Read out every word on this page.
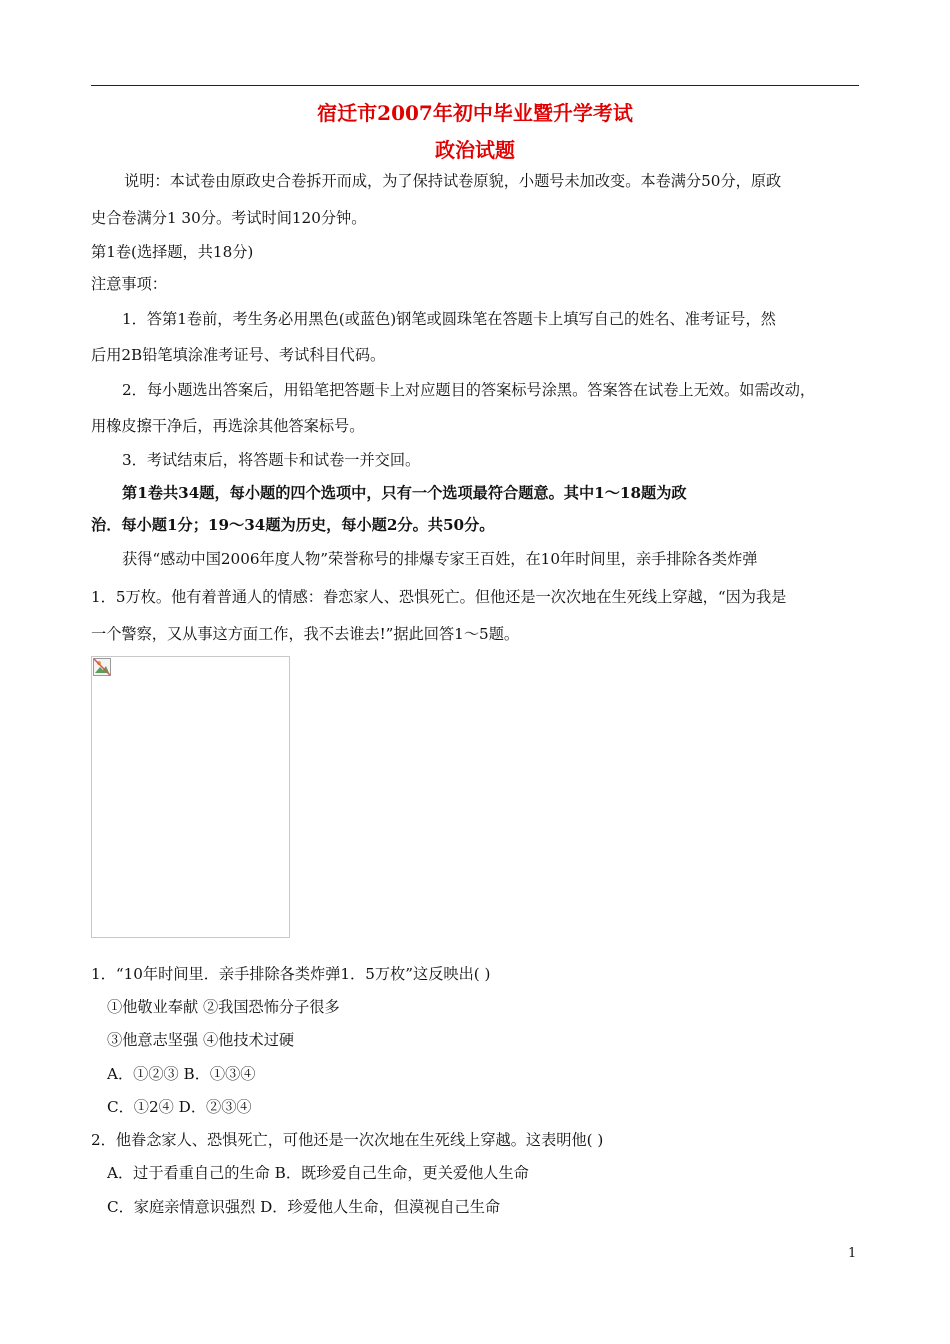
宿迁市2007年初中毕业暨升学考试
政治试题
说明：本试卷由原政史合卷拆开而成，为了保持试卷原貌，小题号未加改变。本卷满分50分，原政
史合卷满分1 30分。考试时间120分钟。
第1卷(选择题，共18分)
注意事项：
1．答第1卷前，考生务必用黑色(或蓝色)钢笔或圆珠笔在答题卡上填写自己的姓名、准考证号，然
后用2B铅笔填涂准考证号、考试科目代码。
2．每小题选出答案后，用铅笔把答题卡上对应题目的答案标号涂黑。答案答在试卷上无效。如需改动，
用橡皮擦干净后，再选涂其他答案标号。
3．考试结束后，将答题卡和试卷一并交回。
第1卷共34题，每小题的四个选项中，只有一个选项最符合题意。其中1～18题为政
治．每小题1分；19～34题为历史，每小题2分。共50分。
获得“感动中国2006年度人物”荣誉称号的排爆专家王百姓，在10年时间里，亲手排除各类炸弹
1．5万枚。他有着普通人的情感：眷恋家人、恐惧死亡。但他还是一次次地在生死线上穿越，“因为我是
一个警察，又从事这方面工作，我不去谁去!”据此回答1～5题。
1．“10年时间里．亲手排除各类炸弹1．5万枚”这反映出( )
①他敬业奉献 ②我国恐怖分子很多
③他意志坚强 ④他技术过硬
A．①②③ B．①③④
C．①2④ D．②③④
2．他眷念家人、恐惧死亡，可他还是一次次地在生死线上穿越。这表明他( )
A．过于看重自己的生命 B．既珍爱自己生命，更关爱他人生命
C．家庭亲情意识强烈 D．珍爱他人生命，但漠视自己生命
1
